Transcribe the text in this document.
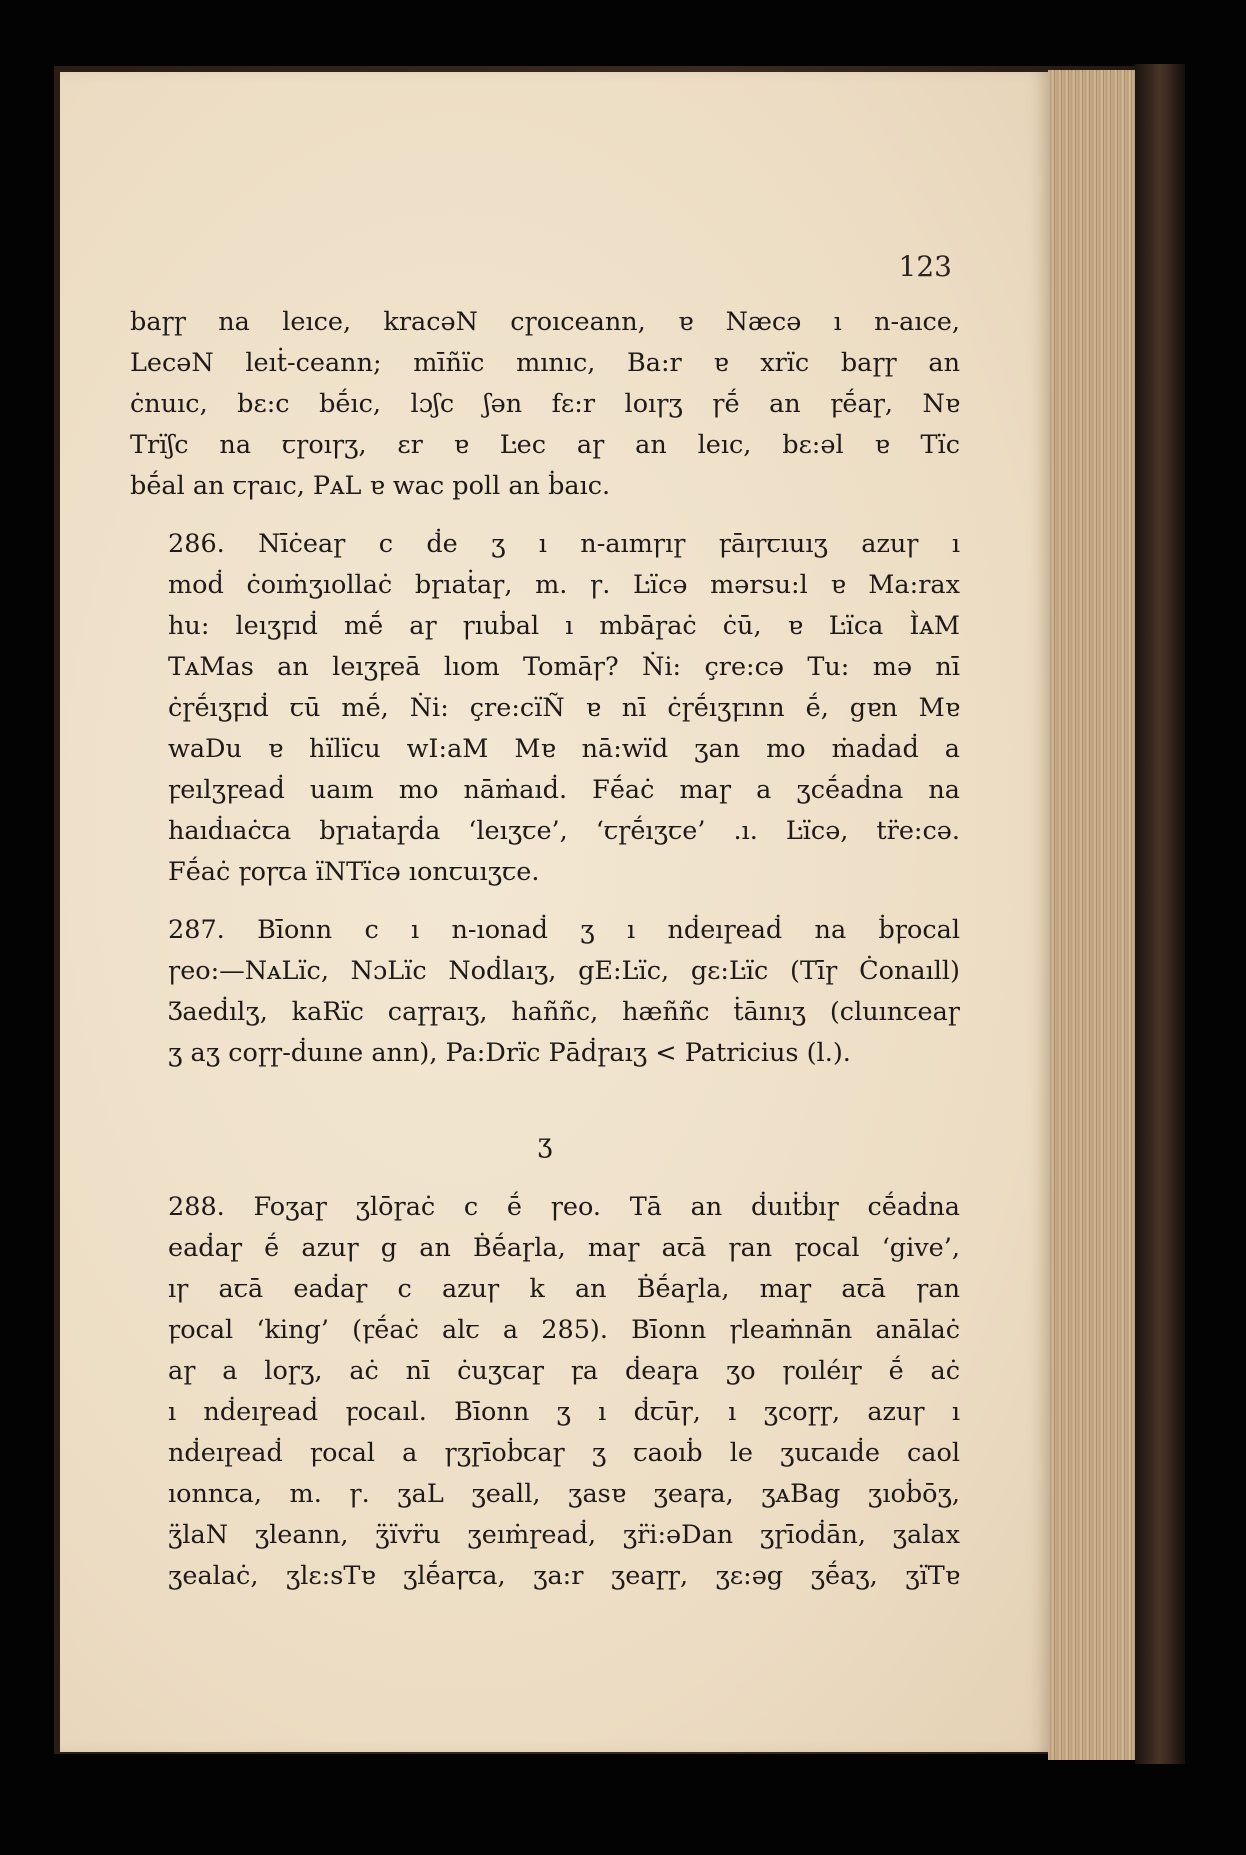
123
baɼɼ na leıce, kracəN cɼoıceann, ɐ Næcə ı n-aıce,
LecəN leıṫ-ceann; mīñïc mınıc, Ba:r ɐ xrïc baɼɼ an
ċnuıc, bɛ:c bḗıc, lɔʃc ʃən fɛ:r loıꞅʒ ꞅḗ an ꝼḗaɼ, Nɐ
Trïʃc na ꞇɼoıꞅʒ, ɛr ɐ Ŀec aɼ an leıc, bɛ:əl ɐ Tïc
bḗal an ꞇꞅaıc, PᴀL ɐ wac poll an ḃaıc.
286. Nīċeaɼ c ḋe ʒ ı n-aımꞅıɼ ꝼāıꞅꞇıuıʒ azuꞅ ı
moḋ ċoıṁʒıollaċ bɼıaṫaɼ, m. ꞅ. Ŀïcə mərsu:l ɐ Ma:rax
hu: leıʒꝼıḋ mḗ aɼ ꞅıuḃal ı mbāɼaċ ċū, ɐ Ŀïca ÌᴀM
TᴀMas an leıʒꝼeā lıom Tomāꞅ? Ṅi: çre:cə Tu: mə nī
ċɼḗıʒꝼıḋ ꞇū mḗ, Ṅi: çre:cïÑ ɐ nī ċɼḗıʒꝼınn ḗ, gɐn Mɐ
waDu ɐ hïlïcu wI:aM Mɐ nā:wïd ʒan mo ṁaḋaḋ a
ꝼeılʒꝼeaḋ uaım mo nāṁaıḋ. Fḗaċ maɼ a ʒcḗaḋna na
haıḋıaċꞇa bɼıaṫaɼḋa ‘leıʒꞇe’, ‘ꞇɼḗıʒꞇe’ .ı. Ŀïcə, tr̈e:cə.
Fḗaċ ꝼoꞅꞇa ïNTïcə ıonꞇuıʒꞇe.
287. Bīonn c ı n-ıonaḋ ʒ ı nḋeıɼeaḋ na ḃꝼocal
ꞅeo:—NᴀLïc, NɔLïc Noḋlaıʒ, gE:Ŀïc, gɛ:Ŀïc (Tīɼ Ċonaıll)
Ʒaeḋılʒ, kaRïc caɼɼaıʒ, haññc, hæññc ṫāınıʒ (cluınꞇeaɼ
ʒ aʒ coɼɼ-ḋuıne ann), Pa:Drïc Pāḋɼaıʒ < Patricius (l.).
ʒ
288. Foʒaɼ ʒlōɼaċ c ḗ ꞅeo. Tā an ḋuıṫḃıɼ cḗaḋna
eaḋaɼ ḗ azuꞅ g an Ḃḗaɼla, maɼ aꞇā ꞅan ꝼocal ‘give’,
ıꞅ aꞇā eaḋaɼ c azuꞅ k an Ḃḗaɼla, maɼ aꞇā ꞅan
ꝼocal ‘king’ (ꝼḗaċ alꞇ a 285). Bīonn ꞅleaṁnān anālaċ
aɼ a loɼʒ, aċ nī ċuʒꞇaɼ ꝼa ḋeaɼa ʒo ꞅoıléıɼ ḗ aċ
ı nḋeıɼeaḋ ꝼocaıl. Bīonn ʒ ı ḋꞇūꞅ, ı ʒcoɼɼ, azuꞅ ı
nḋeıɼeaḋ ꝼocal a ꞅʒɼīoḃꞇaɼ ʒ ꞇaoıḃ le ʒuꞇaıḋe caol
ıonnꞇa, m. ꞅ. ʒaL ʒeall, ʒasɐ ʒeaꞅa, ʒᴀBag ʒıoḃōʒ,
ʒ̈laN ʒleann, ʒ̈ïvr̈u ʒeıṁɼeaḋ, ʒr̈i:əDan ʒɼīoḋān, ʒalax
ʒealaċ, ʒlɛ:sTɐ ʒlḗaꞅꞇa, ʒa:r ʒeaɼɼ, ʒɛ:əg ʒḗaʒ, ʒïTɐ
